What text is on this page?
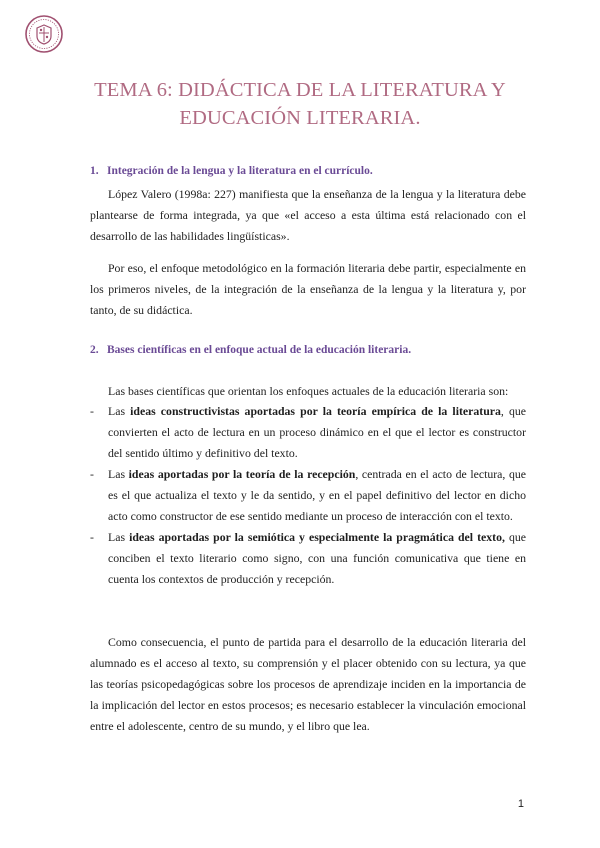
TEMA 6: DIDÁCTICA DE LA LITERATURA Y
EDUCACIÓN LITERARIA.
1. Integración de la lengua y la literatura en el currículo.

López Valero (1998a: 227) manifiesta que la enseñanza de la lengua y la literatura debe plantearse de forma integrada, ya que «el acceso a esta última está relacionado con el desarrollo de las habilidades lingüísticas».

Por eso, el enfoque metodológico en la formación literaria debe partir, especialmente en los primeros niveles, de la integración de la enseñanza de la lengua y la literatura y, por tanto, de su didáctica.

2. Bases científicas en el enfoque actual de la educación literaria.
Las bases científicas que orientan los enfoques actuales de la educación literaria son:
- Las ideas constructivistas aportadas por la teoría empírica de la literatura, que convierten el acto de lectura en un proceso dinámico en el que el lector es constructor del sentido último y definitivo del texto.
- Las ideas aportadas por la teoría de la recepción, centrada en el acto de lectura, que es el que actualiza el texto y le da sentido, y en el papel definitivo del lector en dicho acto como constructor de ese sentido mediante un proceso de interacción con el texto.
- Las ideas aportadas por la semiótica y especialmente la pragmática del texto, que conciben el texto literario como signo, con una función comunicativa que tiene en cuenta los contextos de producción y recepción.

Como consecuencia, el punto de partida para el desarrollo de la educación literaria del alumnado es el acceso al texto, su comprensión y el placer obtenido con su lectura, ya que las teorías psicopedagógicas sobre los procesos de aprendizaje inciden en la importancia de la implicación del lector en estos procesos; es necesario establecer la vinculación emocional entre el adolescente, centro de su mundo, y el libro que lea.

1
